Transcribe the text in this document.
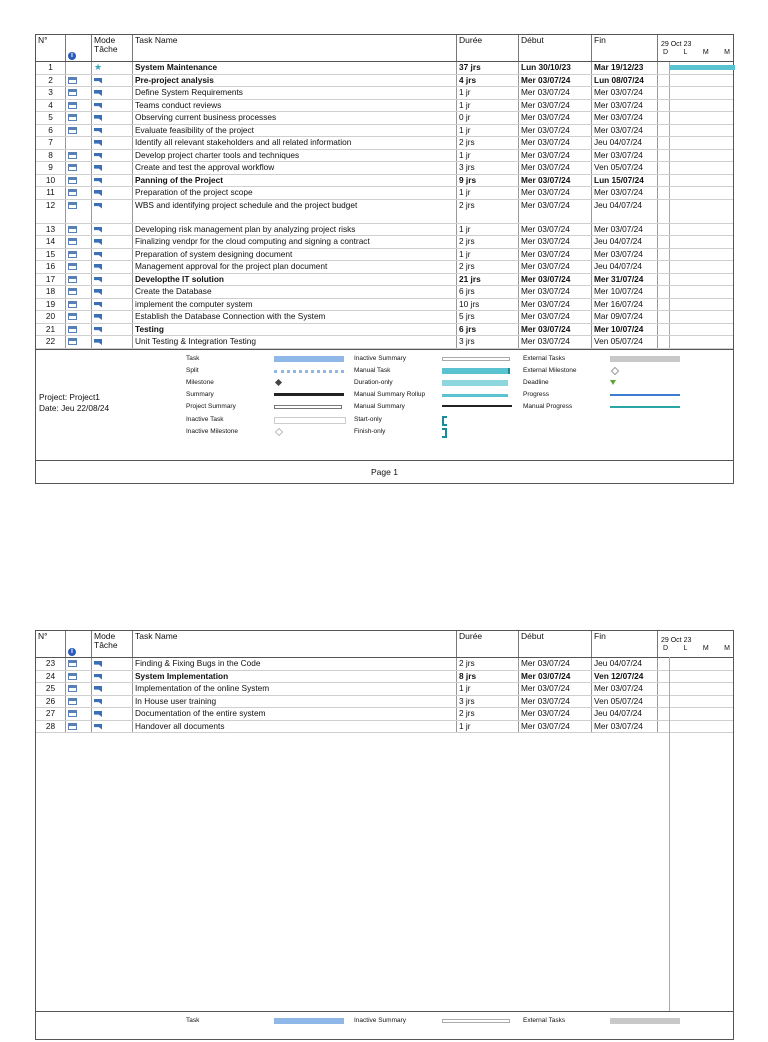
N°
i
Mode Tâche
Task Name	Durée	Début	Fin	29 Oct 23
D L M M
1	★	System Maintenance	37 jrs	Lun 30/10/23	Mar 19/12/23
2	Pre-project analysis	4 jrs	Mer 03/07/24	Lun 08/07/24
3	Define System Requirements	1 jr	Mer 03/07/24	Mer 03/07/24
4	Teams conduct reviews	1 jr	Mer 03/07/24	Mer 03/07/24
5	Observing current business processes	0 jr	Mer 03/07/24	Mer 03/07/24
6	Evaluate feasibility of the project	1 jr	Mer 03/07/24	Mer 03/07/24
7	Identify all relevant stakeholders and all related information	2 jrs	Mer 03/07/24	Jeu 04/07/24
8	Develop project charter tools and techniques	1 jr	Mer 03/07/24	Mer 03/07/24
9	Create and test the approval workflow	3 jrs	Mer 03/07/24	Ven 05/07/24
10	Panning of the Project	9 jrs	Mer 03/07/24	Lun 15/07/24
11	Preparation of the project scope	1 jr	Mer 03/07/24	Mer 03/07/24
12	WBS and identifying project schedule and the project budget	2 jrs	Mer 03/07/24	Jeu 04/07/24
13	Developing risk management plan by analyzing project risks	1 jr	Mer 03/07/24	Mer 03/07/24
14	Finalizing vendpr for the cloud computing and signing a contract	2 jrs	Mer 03/07/24	Jeu 04/07/24
15	Preparation of system designing document	1 jr	Mer 03/07/24	Mer 03/07/24
16	Management approval for the project plan document	2 jrs	Mer 03/07/24	Jeu 04/07/24
17	Developthe IT solution	21 jrs	Mer 03/07/24	Mer 31/07/24
18	Create the Database	6 jrs	Mer 03/07/24	Mer 10/07/24
19	implement the computer system	10 jrs	Mer 03/07/24	Mer 16/07/24
20	Establish the Database Connection with the System	5 jrs	Mer 03/07/24	Mar 09/07/24
21	Testing	6 jrs	Mer 03/07/24	Mer 10/07/24
22	Unit Testing & Integration Testing	3 jrs	Mer 03/07/24	Ven 05/07/24
Project: Project1
Date: Jeu 22/08/24
Task
Split
Milestone
Summary
Project Summary
Inactive Task
Inactive Milestone
Inactive Summary
Manual Task
Duration-only
Manual Summary Rollup
Manual Summary
Start-only
Finish-only
External Tasks
External Milestone
Deadline
Progress
Manual Progress
Page 1
N°
i
Mode Tâche
Task Name	Durée	Début	Fin	29 Oct 23
D L M M
23	Finding & Fixing Bugs in the Code	2 jrs	Mer 03/07/24	Jeu 04/07/24
24	System Implementation	8 jrs	Mer 03/07/24	Ven 12/07/24
25	Implementation of the online System	1 jr	Mer 03/07/24	Mer 03/07/24
26	In House user training	3 jrs	Mer 03/07/24	Ven 05/07/24
27	Documentation of the entire system	2 jrs	Mer 03/07/24	Jeu 04/07/24
28	Handover all documents	1 jr	Mer 03/07/24	Mer 03/07/24
Task	Inactive Summary	External Tasks
